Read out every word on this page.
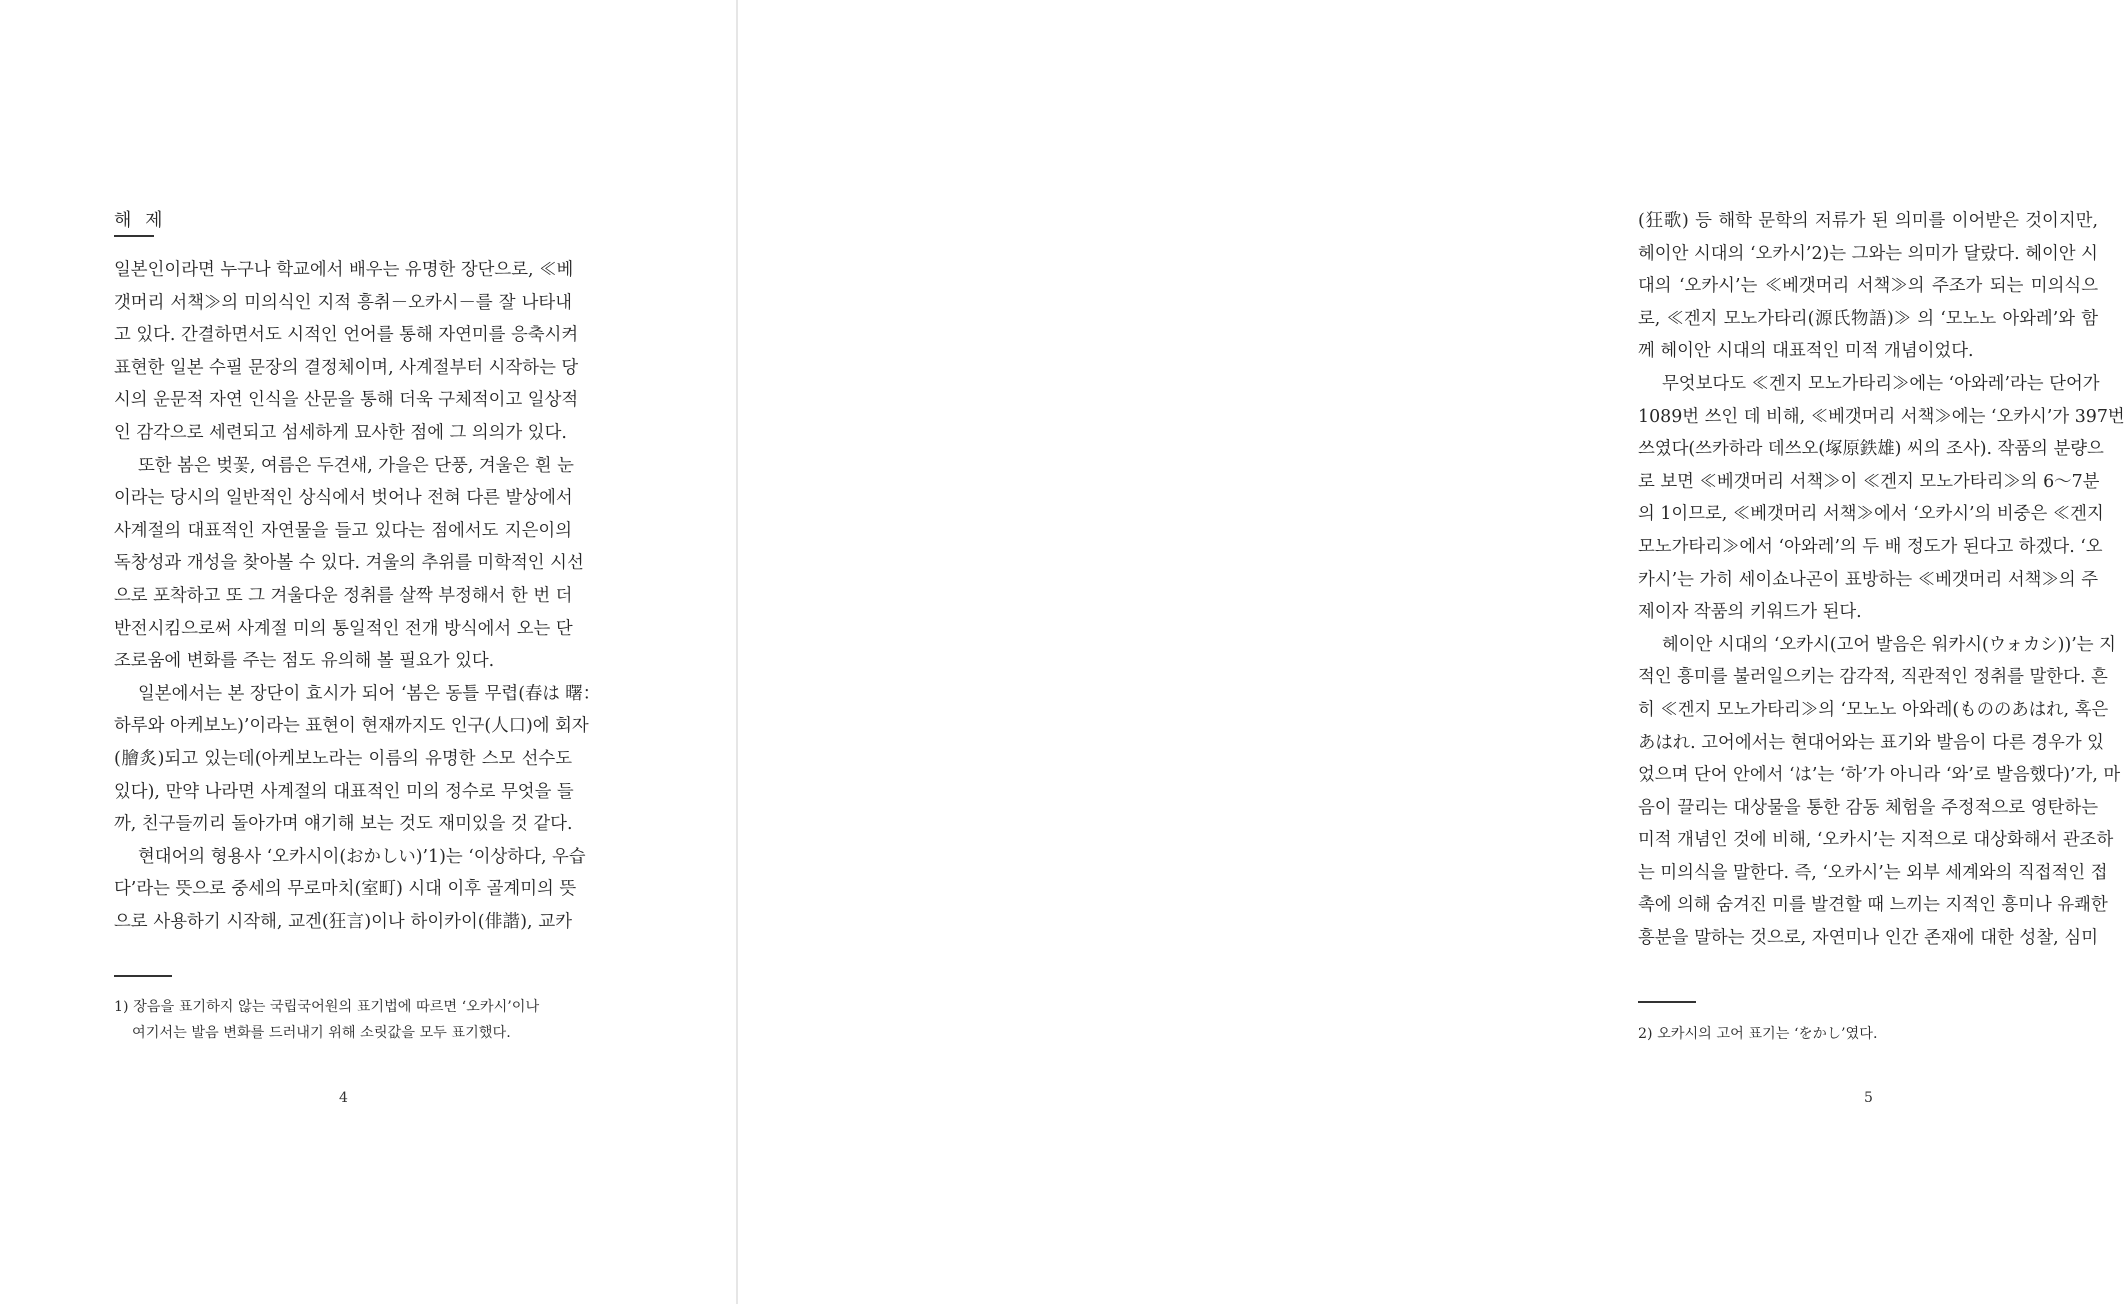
해 제
일본인이라면 누구나 학교에서 배우는 유명한 장단으로, ≪베
갯머리 서책≫의 미의식인 지적 흥취－오카시－를 잘 나타내
고 있다. 간결하면서도 시적인 언어를 통해 자연미를 응축시켜
표현한 일본 수필 문장의 결정체이며, 사계절부터 시작하는 당
시의 운문적 자연 인식을 산문을 통해 더욱 구체적이고 일상적
인 감각으로 세련되고 섬세하게 묘사한 점에 그 의의가 있다.
또한 봄은 벚꽃, 여름은 두견새, 가을은 단풍, 겨울은 흰 눈
이라는 당시의 일반적인 상식에서 벗어나 전혀 다른 발상에서
사계절의 대표적인 자연물을 들고 있다는 점에서도 지은이의
독창성과 개성을 찾아볼 수 있다. 겨울의 추위를 미학적인 시선
으로 포착하고 또 그 겨울다운 정취를 살짝 부정해서 한 번 더
반전시킴으로써 사계절 미의 통일적인 전개 방식에서 오는 단
조로움에 변화를 주는 점도 유의해 볼 필요가 있다.
일본에서는 본 장단이 효시가 되어 ‘봄은 동틀 무렵(春は 曙：
하루와 아케보노)’이라는 표현이 현재까지도 인구(人口)에 회자
(膾炙)되고 있는데(아케보노라는 이름의 유명한 스모 선수도
있다), 만약 나라면 사계절의 대표적인 미의 정수로 무엇을 들
까, 친구들끼리 돌아가며 얘기해 보는 것도 재미있을 것 같다.
현대어의 형용사 ‘오카시이(おかしい)’1)는 ‘이상하다, 우습
다’라는 뜻으로 중세의 무로마치(室町) 시대 이후 골계미의 뜻
으로 사용하기 시작해, 교겐(狂言)이나 하이카이(俳諧), 교카
1) 장음을 표기하지 않는 국립국어원의 표기법에 따르면 ‘오카시’이나
여기서는 발음 변화를 드러내기 위해 소릿값을 모두 표기했다.
4
(狂歌) 등 해학 문학의 저류가 된 의미를 이어받은 것이지만,
헤이안 시대의 ‘오카시’2)는 그와는 의미가 달랐다. 헤이안 시
대의 ‘오카시’는 ≪베갯머리 서책≫의 주조가 되는 미의식으
로, ≪겐지 모노가타리(源氏物語)≫ 의 ‘모노노 아와레’와 함
께 헤이안 시대의 대표적인 미적 개념이었다.
무엇보다도 ≪겐지 모노가타리≫에는 ‘아와레’라는 단어가
1089번 쓰인 데 비해, ≪베갯머리 서책≫에는 ‘오카시’가 397번
쓰였다(쓰카하라 데쓰오(塚原鉄雄) 씨의 조사). 작품의 분량으
로 보면 ≪베갯머리 서책≫이 ≪겐지 모노가타리≫의 6～7분
의 1이므로, ≪베갯머리 서책≫에서 ‘오카시’의 비중은 ≪겐지
모노가타리≫에서 ‘아와레’의 두 배 정도가 된다고 하겠다. ‘오
카시’는 가히 세이쇼나곤이 표방하는 ≪베갯머리 서책≫의 주
제이자 작품의 키워드가 된다.
헤이안 시대의 ‘오카시(고어 발음은 워카시(ウォカシ))’는 지
적인 흥미를 불러일으키는 감각적, 직관적인 정취를 말한다. 흔
히 ≪겐지 모노가타리≫의 ‘모노노 아와레(もののあはれ, 혹은
あはれ. 고어에서는 현대어와는 표기와 발음이 다른 경우가 있
었으며 단어 안에서 ‘は’는 ‘하’가 아니라 ‘와’로 발음했다)’가, 마
음이 끌리는 대상물을 통한 감동 체험을 주정적으로 영탄하는
미적 개념인 것에 비해, ‘오카시’는 지적으로 대상화해서 관조하
는 미의식을 말한다. 즉, ‘오카시’는 외부 세계와의 직접적인 접
촉에 의해 숨겨진 미를 발견할 때 느끼는 지적인 흥미나 유쾌한
흥분을 말하는 것으로, 자연미나 인간 존재에 대한 성찰, 심미
2) 오카시의 고어 표기는 ‘をかし’였다.
5
